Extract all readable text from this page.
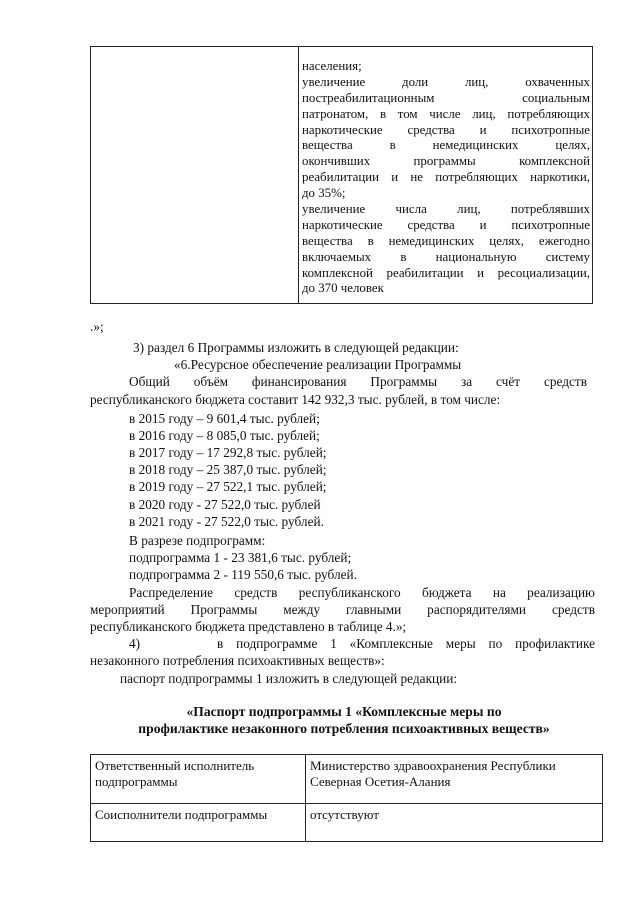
населения;
увеличение доли лиц, охваченных
постреабилитационным социальным
патронатом, в том числе лиц, потребляющих
наркотические средства и психотропные
вещества в немедицинских целях,
окончивших программы комплексной
реабилитации и не потребляющих наркотики,
до 35%;
увеличение числа лиц, потреблявших
наркотические средства и психотропные
вещества в немедицинских целях, ежегодно
включаемых в национальную систему
комплексной реабилитации и ресоциализации,
до 370 человек
.»;
3) раздел 6 Программы изложить в следующей редакции:
«6.Ресурсное обеспечение реализации Программы
Общий объём финансирования Программы за счёт средств
республиканского бюджета составит 142 932,3 тыс. рублей, в том числе:
в 2015 году – 9 601,4 тыс. рублей;
в 2016 году – 8 085,0 тыс. рублей;
в 2017 году – 17 292,8 тыс. рублей;
в 2018 году – 25 387,0 тыс. рублей;
в 2019 году – 27 522,1 тыс. рублей;
в 2020 году - 27 522,0 тыс. рублей
в 2021 году - 27 522,0 тыс. рублей.
В разрезе подпрограмм:
подпрограмма 1 - 23 381,6 тыс. рублей;
подпрограмма 2 - 119 550,6 тыс. рублей.
Распределение средств республиканского бюджета на реализацию
мероприятий Программы между главными распорядителями средств
республиканского бюджета представлено в таблице 4.»;
4)      в подпрограмме 1 «Комплексные меры по профилактике
незаконного потребления психоактивных веществ»:
паспорт подпрограммы 1 изложить в следующей редакции:
«Паспорт подпрограммы 1 «Комплексные меры по
профилактике незаконного потребления психоактивных веществ»
Ответственный исполнитель подпрограммы	Министерство здравоохранения Республики Северная Осетия-Алания
Соисполнители подпрограммы	отсутствуют
